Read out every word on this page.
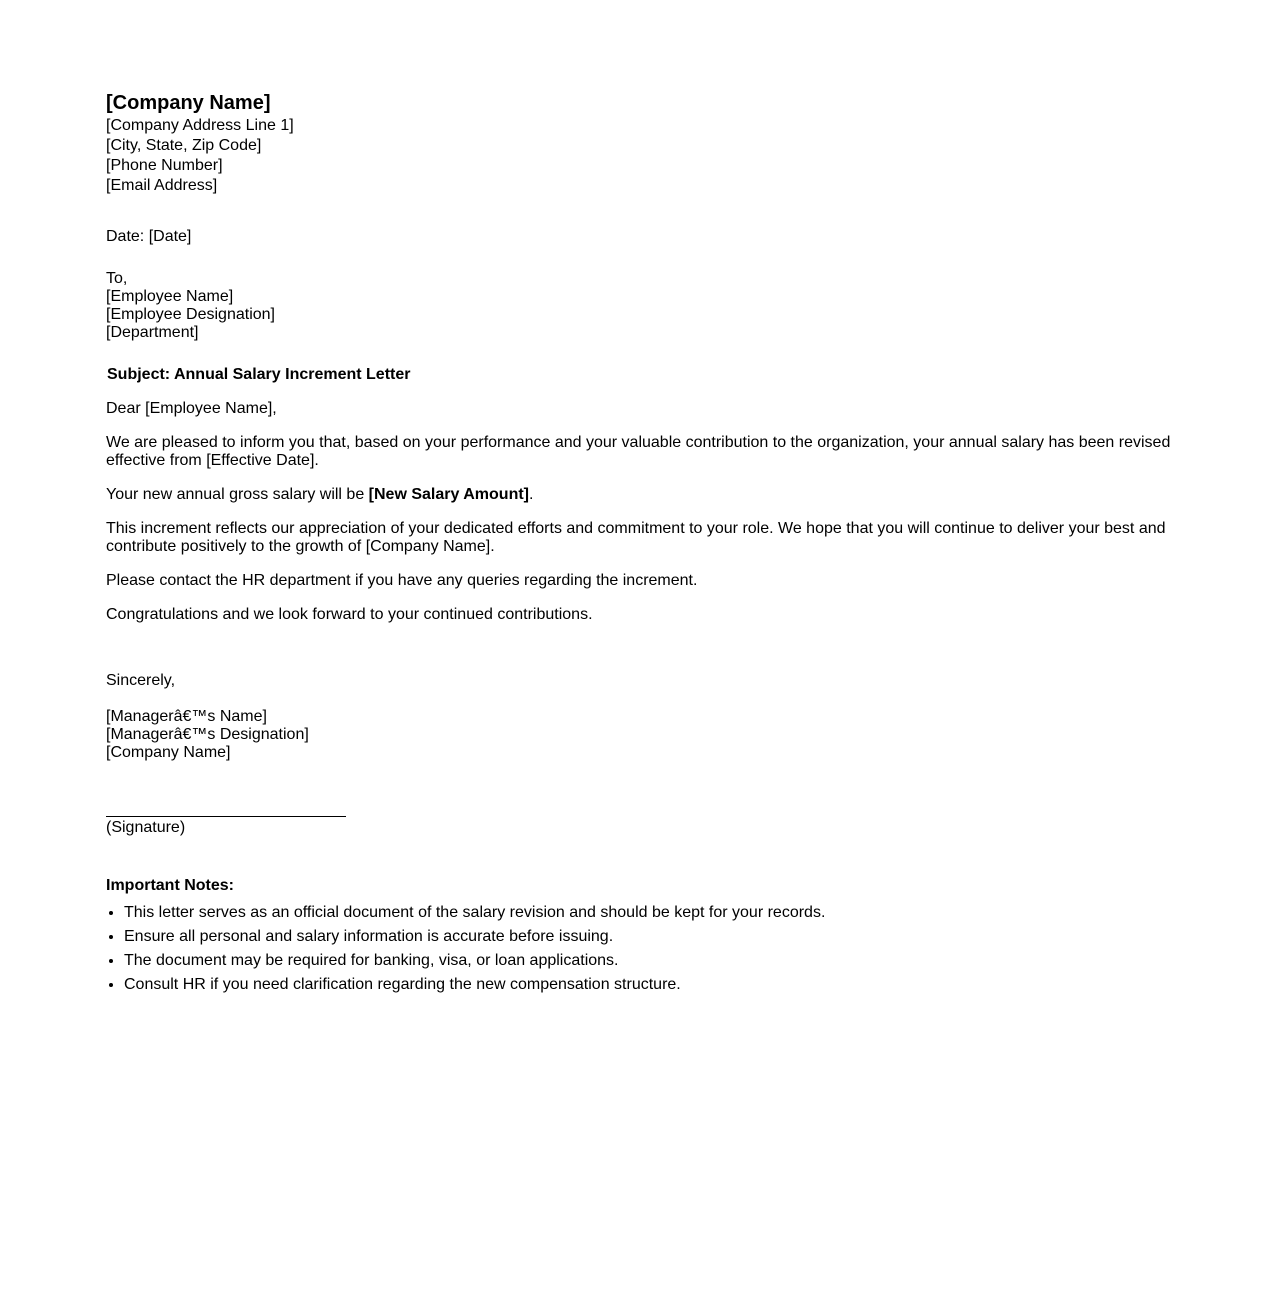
[Company Name]
[Company Address Line 1]
[City, State, Zip Code]
[Phone Number]
[Email Address]
Date: [Date]
To,
[Employee Name]
[Employee Designation]
[Department]
Subject: Annual Salary Increment Letter
Dear [Employee Name],
We are pleased to inform you that, based on your performance and your valuable contribution to the organization, your annual salary has been revised effective from [Effective Date].
Your new annual gross salary will be [New Salary Amount].
This increment reflects our appreciation of your dedicated efforts and commitment to your role. We hope that you will continue to deliver your best and contribute positively to the growth of [Company Name].
Please contact the HR department if you have any queries regarding the increment.
Congratulations and we look forward to your continued contributions.
Sincerely,
[Managerâ€™s Name]
[Managerâ€™s Designation]
[Company Name]
(Signature)
Important Notes:
• This letter serves as an official document of the salary revision and should be kept for your records.
• Ensure all personal and salary information is accurate before issuing.
• The document may be required for banking, visa, or loan applications.
• Consult HR if you need clarification regarding the new compensation structure.
